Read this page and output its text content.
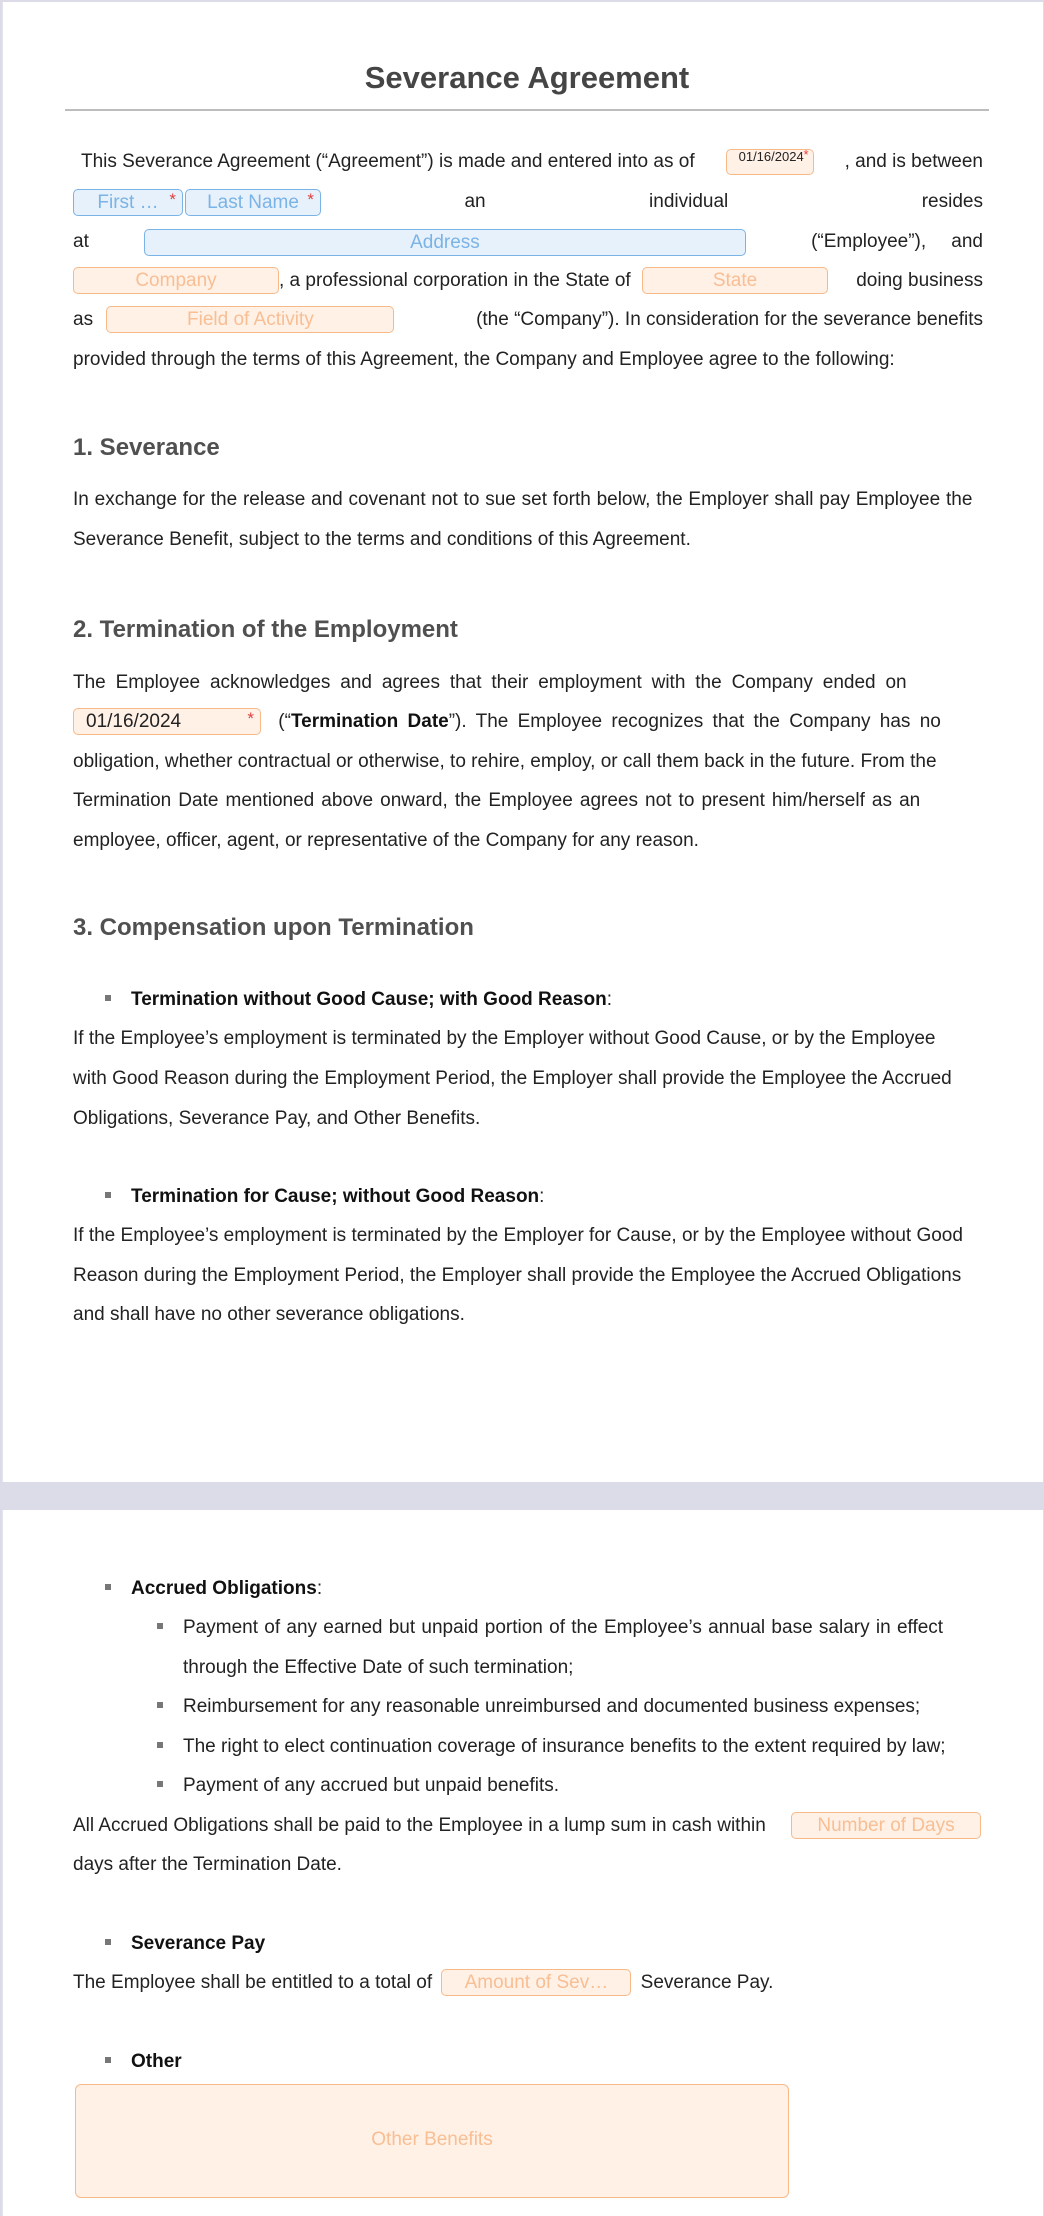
Severance Agreement
This Severance Agreement (“Agreement”) is made and entered into as of	01/16/2024 * , and is between
First … *	Last Name *	an	individual	resides
at	Address	(“Employee”), and
Company	, a professional corporation in the State of	State	doing business
as	Field of Activity	(the “Company”). In consideration for the severance benefits
provided through the terms of this Agreement, the Company and Employee agree to the following:
1. Severance
In exchange for the release and covenant not to sue set forth below, the Employer shall pay Employee the
Severance Benefit, subject to the terms and conditions of this Agreement.
2. Termination of the Employment
The Employee acknowledges and agrees that their employment with the Company ended on
01/16/2024	* (“Termination Date”). The Employee recognizes that the Company has no
obligation, whether contractual or otherwise, to rehire, employ, or call them back in the future. From the
Termination Date mentioned above onward, the Employee agrees not to present him/herself as an
employee, officer, agent, or representative of the Company for any reason.
3. Compensation upon Termination
Termination without Good Cause; with Good Reason:
If the Employee’s employment is terminated by the Employer without Good Cause, or by the Employee
with Good Reason during the Employment Period, the Employer shall provide the Employee the Accrued
Obligations, Severance Pay, and Other Benefits.
Termination for Cause; without Good Reason:
If the Employee’s employment is terminated by the Employer for Cause, or by the Employee without Good
Reason during the Employment Period, the Employer shall provide the Employee the Accrued Obligations
and shall have no other severance obligations.
Accrued Obligations:
Payment of any earned but unpaid portion of the Employee’s annual base salary in effect
through the Effective Date of such termination;
Reimbursement for any reasonable unreimbursed and documented business expenses;
The right to elect continuation coverage of insurance benefits to the extent required by law;
Payment of any accrued but unpaid benefits.
All Accrued Obligations shall be paid to the Employee in a lump sum in cash within	Number of Days
days after the Termination Date.
Severance Pay
The Employee shall be entitled to a total of Amount of Sev… Severance Pay.
Other
Other Benefits
